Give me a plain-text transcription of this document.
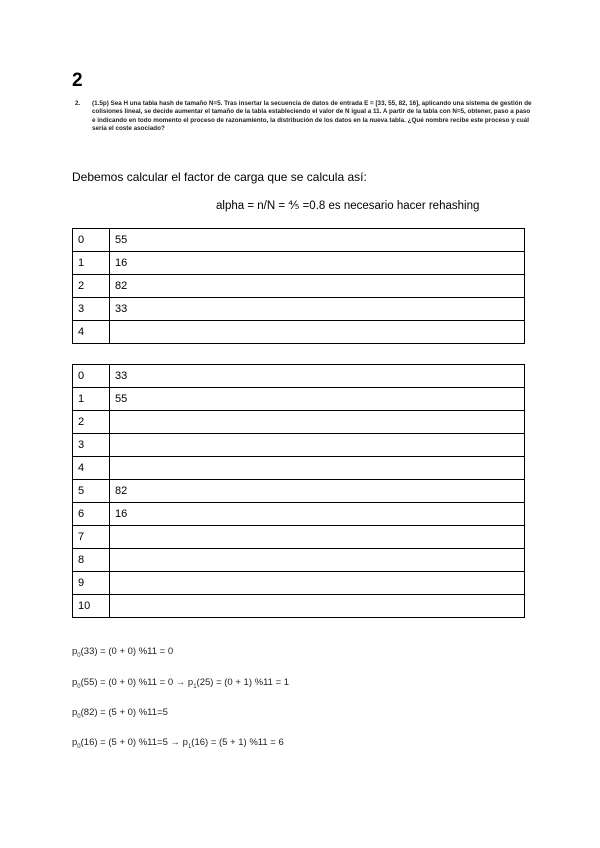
2
2. (1.5p) Sea H una tabla hash de tamaño N=5. Tras insertar la secuencia de datos de entrada E = [33, 55, 82, 16], aplicando una sistema de gestión de colisiones lineal, se decide aumentar el tamaño de la tabla estableciendo el valor de N igual a 11. A partir de la tabla con N=5, obtener, paso a paso e indicando en todo momento el proceso de razonamiento, la distribución de los datos en la nueva tabla. ¿Qué nombre recibe este proceso y cuál sería el coste asociado?
Debemos calcular el factor de carga que se calcula así:
alpha = n/N = ⅘ =0.8 es necesario hacer rehashing
0	55
1	16
2	82
3	33
4	
0	33
1	55
2	
3	
4	
5	82
6	16
7	
8	
9	
10	
$p_0(33) = (0 + 0) \%11 = 0$
$p_0(55) = (0 + 0) \%11 = 0 \to p_1(25) = (0 + 1) \%11 = 1$
$p_0(82) = (5 + 0)$ %11=5
$p_0(16) = (5 + 0) \%11=5 \to p_1(16) = (5 + 1) \%11 = 6$
